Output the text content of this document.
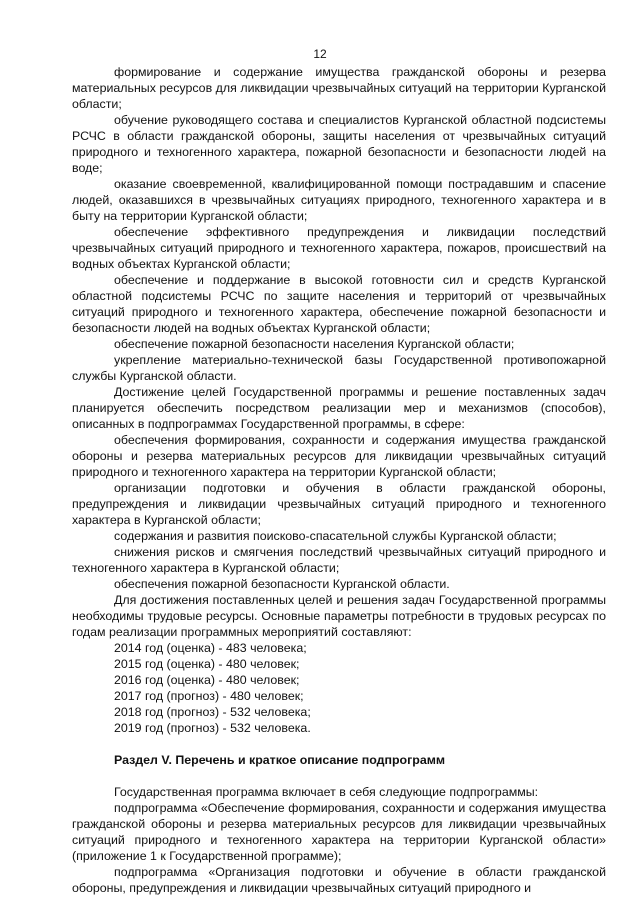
12

формирование и содержание имущества гражданской обороны и резерва материальных ресурсов для ликвидации чрезвычайных ситуаций на территории Курганской области;

обучение руководящего состава и специалистов Курганской областной подсистемы РСЧС в области гражданской обороны, защиты населения от чрезвычайных ситуаций природного и техногенного характера, пожарной безопасности и безопасности людей на воде;

оказание своевременной, квалифицированной помощи пострадавшим и спасение людей, оказавшихся в чрезвычайных ситуациях природного, техногенного характера и в быту на территории Курганской области;

обеспечение эффективного предупреждения и ликвидации последствий чрезвычайных ситуаций природного и техногенного характера, пожаров, происшествий на водных объектах Курганской области;

обеспечение и поддержание в высокой готовности сил и средств Курганской областной подсистемы РСЧС по защите населения и территорий от чрезвычайных ситуаций природного и техногенного характера, обеспечение пожарной безопасности и безопасности людей на водных объектах Курганской области;

обеспечение пожарной безопасности населения Курганской области;

укрепление материально-технической базы Государственной противопожарной службы Курганской области.

Достижение целей Государственной программы и решение поставленных задач планируется обеспечить посредством реализации мер и механизмов (способов), описанных в подпрограммах Государственной программы, в сфере:

обеспечения формирования, сохранности и содержания имущества гражданской обороны и резерва материальных ресурсов для ликвидации чрезвычайных ситуаций природного и техногенного характера на территории Курганской области;

организации подготовки и обучения в области гражданской обороны, предупреждения и ликвидации чрезвычайных ситуаций природного и техногенного характера в Курганской области;

содержания и развития поисково-спасательной службы Курганской области;

снижения рисков и смягчения последствий чрезвычайных ситуаций природного и техногенного характера в Курганской области;

обеспечения пожарной безопасности Курганской области.

Для достижения поставленных целей и решения задач Государственной программы необходимы трудовые ресурсы. Основные параметры потребности в трудовых ресурсах по годам реализации программных мероприятий составляют:

2014 год (оценка) - 483 человека;

2015 год (оценка) - 480 человек;

2016 год (оценка) - 480 человек;

2017 год (прогноз) - 480 человек;

2018 год (прогноз) - 532 человека;

2019 год (прогноз) - 532 человека.

Раздел V. Перечень и краткое описание подпрограмм

Государственная программа включает в себя следующие подпрограммы:

подпрограмма «Обеспечение формирования, сохранности и содержания имущества гражданской обороны и резерва материальных ресурсов для ликвидации чрезвычайных ситуаций природного и техногенного характера на территории Курганской области» (приложение 1 к Государственной программе);

подпрограмма «Организация подготовки и обучение в области гражданской обороны, предупреждения и ликвидации чрезвычайных ситуаций природного и
